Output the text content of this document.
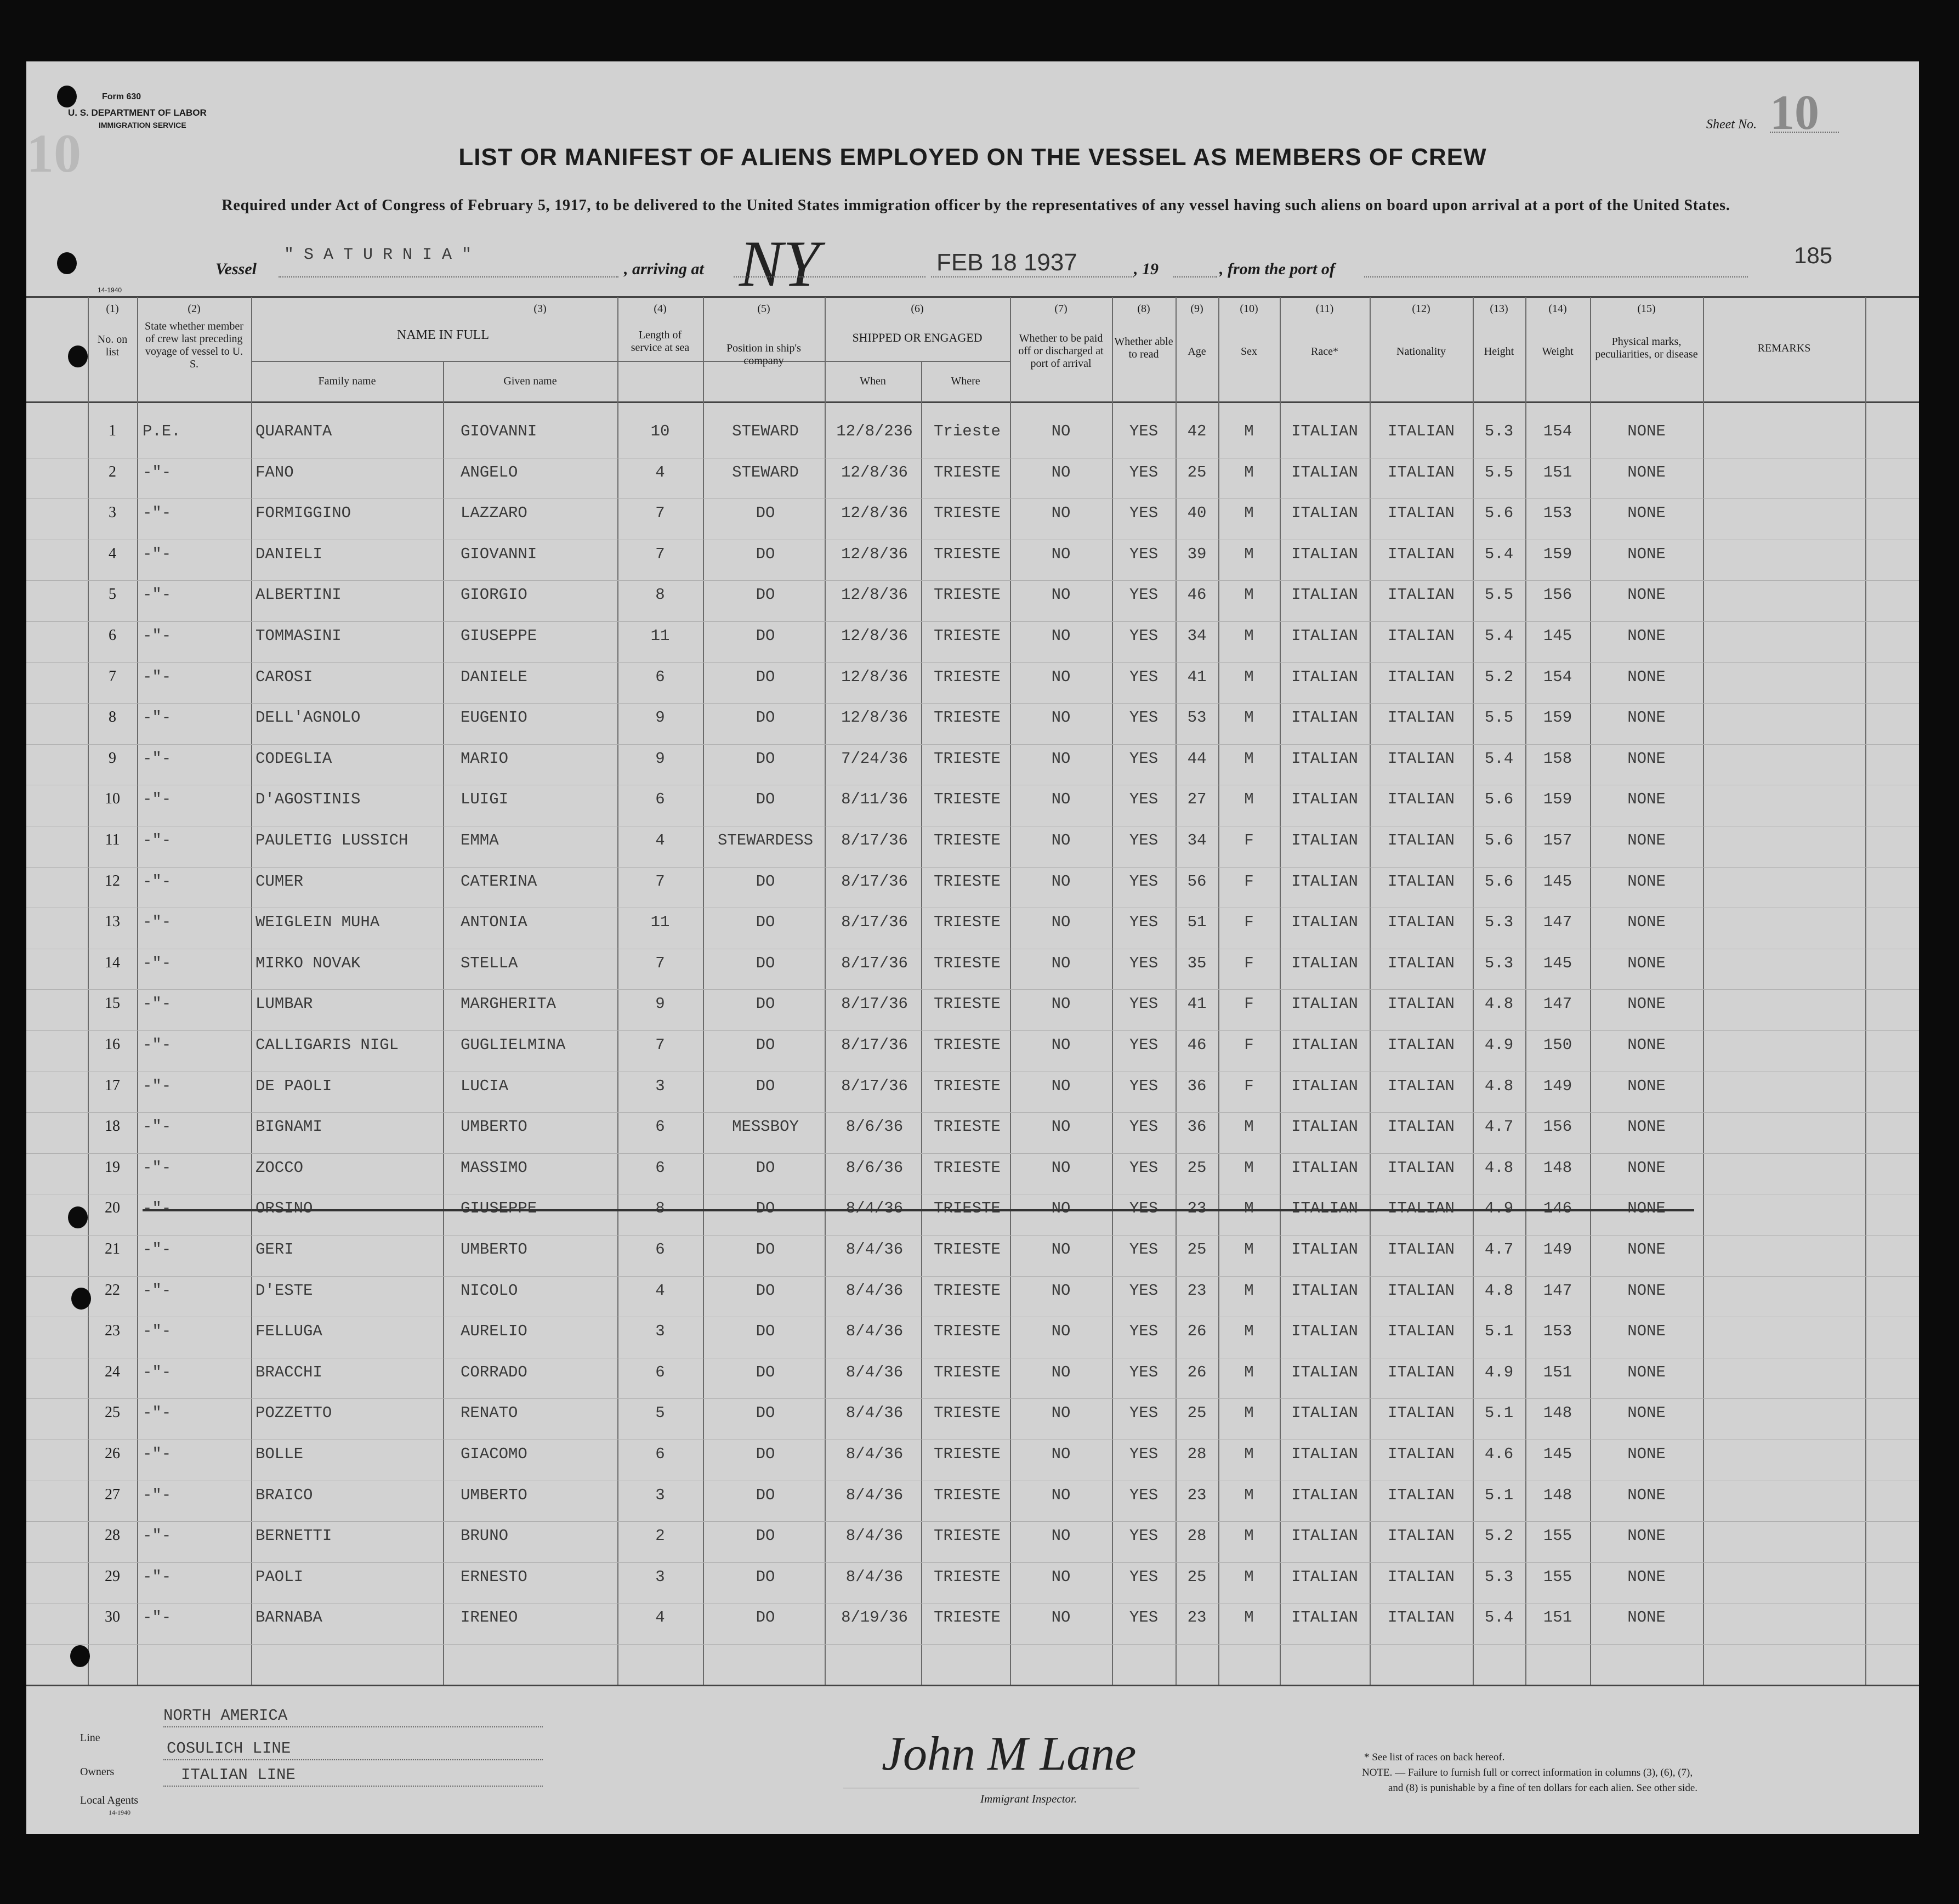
Form 630
U. S. DEPARTMENT OF LABOR
IMMIGRATION SERVICE
10	Sheet No. 10
LIST OR MANIFEST OF ALIENS EMPLOYED ON THE VESSEL AS MEMBERS OF CREW
Required under Act of Congress of February 5, 1917, to be delivered to the United States immigration officer by the representatives of any vessel having such aliens on board upon arrival at a port of the United States.
Vessel
" S A T U R N I A "
, arriving at NY	FEB 18 1937	, 19	, from the port of
185
14-1940
(1)
No. on list
(2)
State whether member of crew last preceding voyage of vessel to U. S.
(3)
NAME IN FULL
Family name	Given name
(4)
Length of service at sea
(5)
Position in ship's company
(6)
SHIPPED OR ENGAGED
When	Where
(7)
Whether to be paid off or discharged at port of arrival
(8)
Whether able to read
(9)
Age
(10)
Sex
(11)
Race*
(12)
Nationality
(13)
Height
(14)
Weight
(15)
Physical marks, peculiarities, or disease	REMARKS
1	P.E.	QUARANTA	GIOVANNI	10	STEWARD	12/8/236	Trieste	NO	YES	42	M	ITALIAN	ITALIAN	5.3	154	NONE
2	-"-	FANO	ANGELO	4	STEWARD	12/8/36	TRIESTE	NO	YES	25	M	ITALIAN	ITALIAN	5.5	151	NONE
3	-"-	FORMIGGINO	LAZZARO	7	DO	12/8/36	TRIESTE	NO	YES	40	M	ITALIAN	ITALIAN	5.6	153	NONE
4	-"-	DANIELI	GIOVANNI	7	DO	12/8/36	TRIESTE	NO	YES	39	M	ITALIAN	ITALIAN	5.4	159	NONE
5	-"-	ALBERTINI	GIORGIO	8	DO	12/8/36	TRIESTE	NO	YES	46	M	ITALIAN	ITALIAN	5.5	156	NONE
6	-"-	TOMMASINI	GIUSEPPE	11	DO	12/8/36	TRIESTE	NO	YES	34	M	ITALIAN	ITALIAN	5.4	145	NONE
7	-"-	CAROSI	DANIELE	6	DO	12/8/36	TRIESTE	NO	YES	41	M	ITALIAN	ITALIAN	5.2	154	NONE
8	-"-	DELL'AGNOLO	EUGENIO	9	DO	12/8/36	TRIESTE	NO	YES	53	M	ITALIAN	ITALIAN	5.5	159	NONE
9	-"-	CODEGLIA	MARIO	9	DO	7/24/36	TRIESTE	NO	YES	44	M	ITALIAN	ITALIAN	5.4	158	NONE
10	-"-	D'AGOSTINIS	LUIGI	6	DO	8/11/36	TRIESTE	NO	YES	27	M	ITALIAN	ITALIAN	5.6	159	NONE
11	-"-	PAULETIG LUSSICH	EMMA	4	STEWARDESS	8/17/36	TRIESTE	NO	YES	34	F	ITALIAN	ITALIAN	5.6	157	NONE
12	-"-	CUMER	CATERINA	7	DO	8/17/36	TRIESTE	NO	YES	56	F	ITALIAN	ITALIAN	5.6	145	NONE
13	-"-	WEIGLEIN MUHA	ANTONIA	11	DO	8/17/36	TRIESTE	NO	YES	51	F	ITALIAN	ITALIAN	5.3	147	NONE
14	-"-	MIRKO NOVAK	STELLA	7	DO	8/17/36	TRIESTE	NO	YES	35	F	ITALIAN	ITALIAN	5.3	145	NONE
15	-"-	LUMBAR	MARGHERITA	9	DO	8/17/36	TRIESTE	NO	YES	41	F	ITALIAN	ITALIAN	4.8	147	NONE
16	-"-	CALLIGARIS NIGL	GUGLIELMINA	7	DO	8/17/36	TRIESTE	NO	YES	46	F	ITALIAN	ITALIAN	4.9	150	NONE
17	-"-	DE PAOLI	LUCIA	3	DO	8/17/36	TRIESTE	NO	YES	36	F	ITALIAN	ITALIAN	4.8	149	NONE
18	-"-	BIGNAMI	UMBERTO	6	MESSBOY	8/6/36	TRIESTE	NO	YES	36	M	ITALIAN	ITALIAN	4.7	156	NONE
19	-"-	ZOCCO	MASSIMO	6	DO	8/6/36	TRIESTE	NO	YES	25	M	ITALIAN	ITALIAN	4.8	148	NONE
20	-"-	ORSINO	GIUSEPPE	8	DO	8/4/36	TRIESTE	NO	YES	23	M	ITALIAN	ITALIAN	4.9	146	NONE
21	-"-	GERI	UMBERTO	6	DO	8/4/36	TRIESTE	NO	YES	25	M	ITALIAN	ITALIAN	4.7	149	NONE
22	-"-	D'ESTE	NICOLO	4	DO	8/4/36	TRIESTE	NO	YES	23	M	ITALIAN	ITALIAN	4.8	147	NONE
23	-"-	FELLUGA	AURELIO	3	DO	8/4/36	TRIESTE	NO	YES	26	M	ITALIAN	ITALIAN	5.1	153	NONE
24	-"-	BRACCHI	CORRADO	6	DO	8/4/36	TRIESTE	NO	YES	26	M	ITALIAN	ITALIAN	4.9	151	NONE
25	-"-	POZZETTO	RENATO	5	DO	8/4/36	TRIESTE	NO	YES	25	M	ITALIAN	ITALIAN	5.1	148	NONE
26	-"-	BOLLE	GIACOMO	6	DO	8/4/36	TRIESTE	NO	YES	28	M	ITALIAN	ITALIAN	4.6	145	NONE
27	-"-	BRAICO	UMBERTO	3	DO	8/4/36	TRIESTE	NO	YES	23	M	ITALIAN	ITALIAN	5.1	148	NONE
28	-"-	BERNETTI	BRUNO	2	DO	8/4/36	TRIESTE	NO	YES	28	M	ITALIAN	ITALIAN	5.2	155	NONE
29	-"-	PAOLI	ERNESTO	3	DO	8/4/36	TRIESTE	NO	YES	25	M	ITALIAN	ITALIAN	5.3	155	NONE
30	-"-	BARNABA	IRENEO	4	DO	8/19/36	TRIESTE	NO	YES	23	M	ITALIAN	ITALIAN	5.4	151	NONE
Line
NORTH AMERICA
Owners
COSULICH LINE
Local Agents
ITALIAN LINE
14-1940
John M Lane
Immigrant Inspector.
* See list of races on back hereof.
NOTE. — Failure to furnish full or correct information in columns (3), (6), (7),
and (8) is punishable by a fine of ten dollars for each alien. See other side.
